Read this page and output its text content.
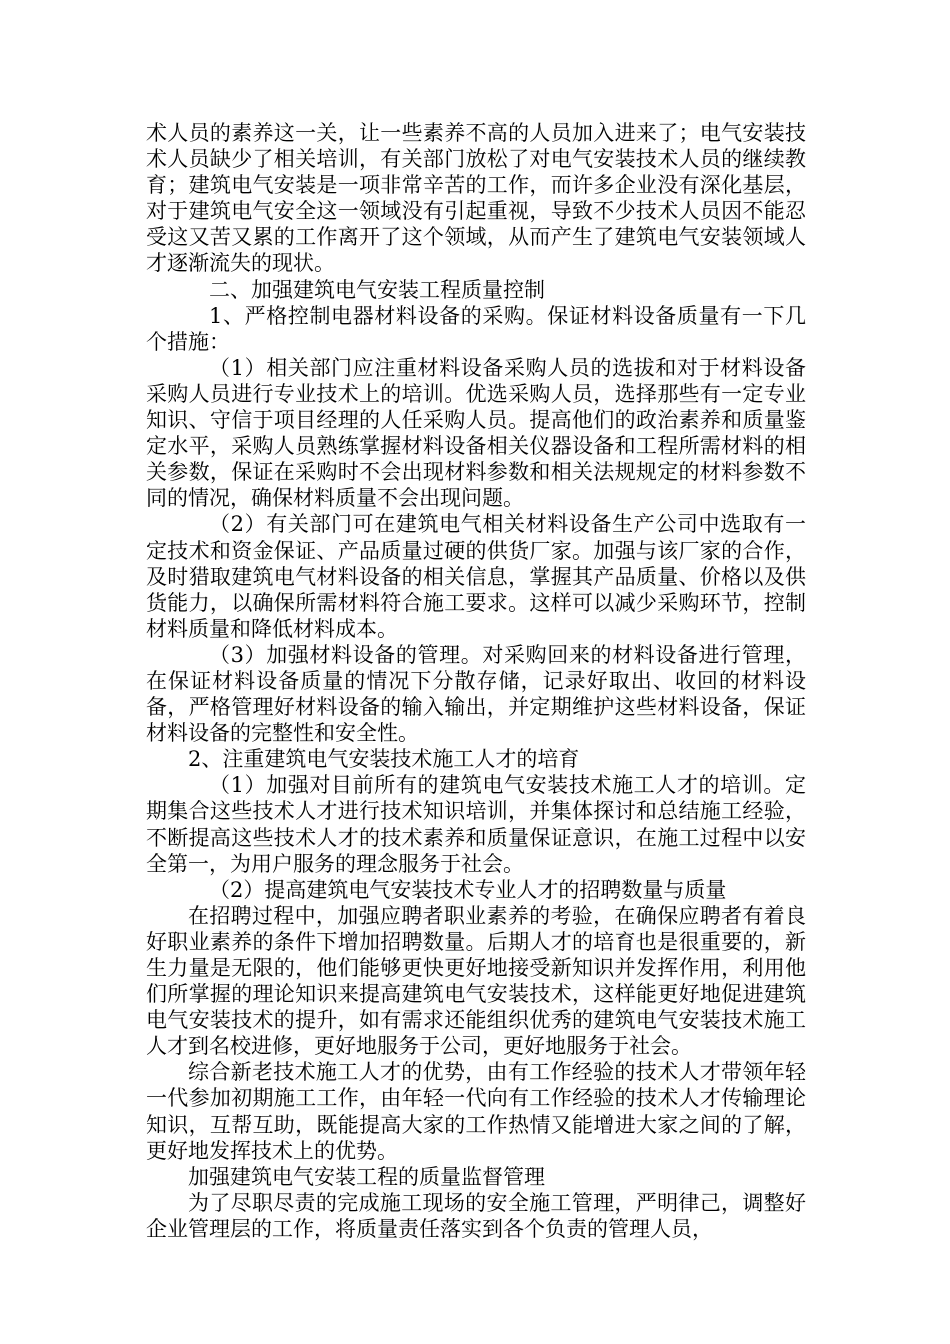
术人员的素养这一关，让一些素养不高的人员加入进来了；电气安装技术人员缺少了相关培训，有关部门放松了对电气安装技术人员的继续教育；建筑电气安装是一项非常辛苦的工作，而许多企业没有深化基层，对于建筑电气安全这一领域没有引起重视，导致不少技术人员因不能忍受这又苦又累的工作离开了这个领域，从而产生了建筑电气安装领域人才逐渐流失的现状。

二、加强建筑电气安装工程质量控制

1、严格控制电器材料设备的采购。保证材料设备质量有一下几个措施：

（1）相关部门应注重材料设备采购人员的选拔和对于材料设备采购人员进行专业技术上的培训。优选采购人员，选择那些有一定专业知识、守信于项目经理的人任采购人员。提高他们的政治素养和质量鉴定水平，采购人员熟练掌握材料设备相关仪器设备和工程所需材料的相关参数，保证在采购时不会出现材料参数和相关法规规定的材料参数不同的情况，确保材料质量不会出现问题。

（2）有关部门可在建筑电气相关材料设备生产公司中选取有一定技术和资金保证、产品质量过硬的供货厂家。加强与该厂家的合作，及时猎取建筑电气材料设备的相关信息，掌握其产品质量、价格以及供货能力，以确保所需材料符合施工要求。这样可以减少采购环节，控制材料质量和降低材料成本。

（3）加强材料设备的管理。对采购回来的材料设备进行管理，在保证材料设备质量的情况下分散存储，记录好取出、收回的材料设备，严格管理好材料设备的输入输出，并定期维护这些材料设备，保证材料设备的完整性和安全性。

2、注重建筑电气安装技术施工人才的培育

（1）加强对目前所有的建筑电气安装技术施工人才的培训。定期集合这些技术人才进行技术知识培训，并集体探讨和总结施工经验，不断提高这些技术人才的技术素养和质量保证意识，在施工过程中以安全第一，为用户服务的理念服务于社会。

（2）提高建筑电气安装技术专业人才的招聘数量与质量

在招聘过程中，加强应聘者职业素养的考验，在确保应聘者有着良好职业素养的条件下增加招聘数量。后期人才的培育也是很重要的，新生力量是无限的，他们能够更快更好地接受新知识并发挥作用，利用他们所掌握的理论知识来提高建筑电气安装技术，这样能更好地促进建筑电气安装技术的提升，如有需求还能组织优秀的建筑电气安装技术施工人才到名校进修，更好地服务于公司，更好地服务于社会。

综合新老技术施工人才的优势，由有工作经验的技术人才带领年轻一代参加初期施工工作，由年轻一代向有工作经验的技术人才传输理论知识，互帮互助，既能提高大家的工作热情又能增进大家之间的了解，更好地发挥技术上的优势。

加强建筑电气安装工程的质量监督管理

为了尽职尽责的完成施工现场的安全施工管理，严明律己，调整好企业管理层的工作，将质量责任落实到各个负责的管理人员，
